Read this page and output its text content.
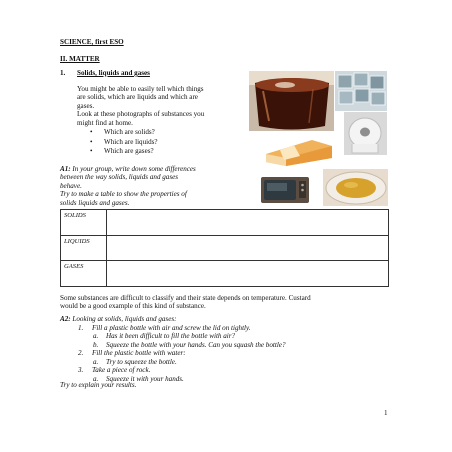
SCIENCE, first ESO
II. MATTER
1. Solids, liquids and gases
You might be able to easily tell which things
are solids, which are liquids and which are
gases.
Look at these photographs of substances you
might find at home.
• Which are solids?
• Which are liquids?
• Which are gases?
A1: In your group, write down some differences
between the way solids, liquids and gases
behave.
Try to make a table to show the properties of
solids liquids and gases.
SOLIDS	
LIQUIDS	
GASES	
Some substances are difficult to classify and their state depends on temperature. Custard
would be a good example of this kind of substance.
A2: Looking at solids, liquids and gases:
1. Fill a plastic bottle with air and screw the lid on tightly.
a. Has it been difficult to fill the bottle with air?
b. Squeeze the bottle with your hands. Can you squash the bottle?
2. Fill the plastic bottle with water:
a. Try to squeeze the bottle.
3. Take a piece of rock.
a. Squeeze it with your hands.
Try to explain your results.
1
